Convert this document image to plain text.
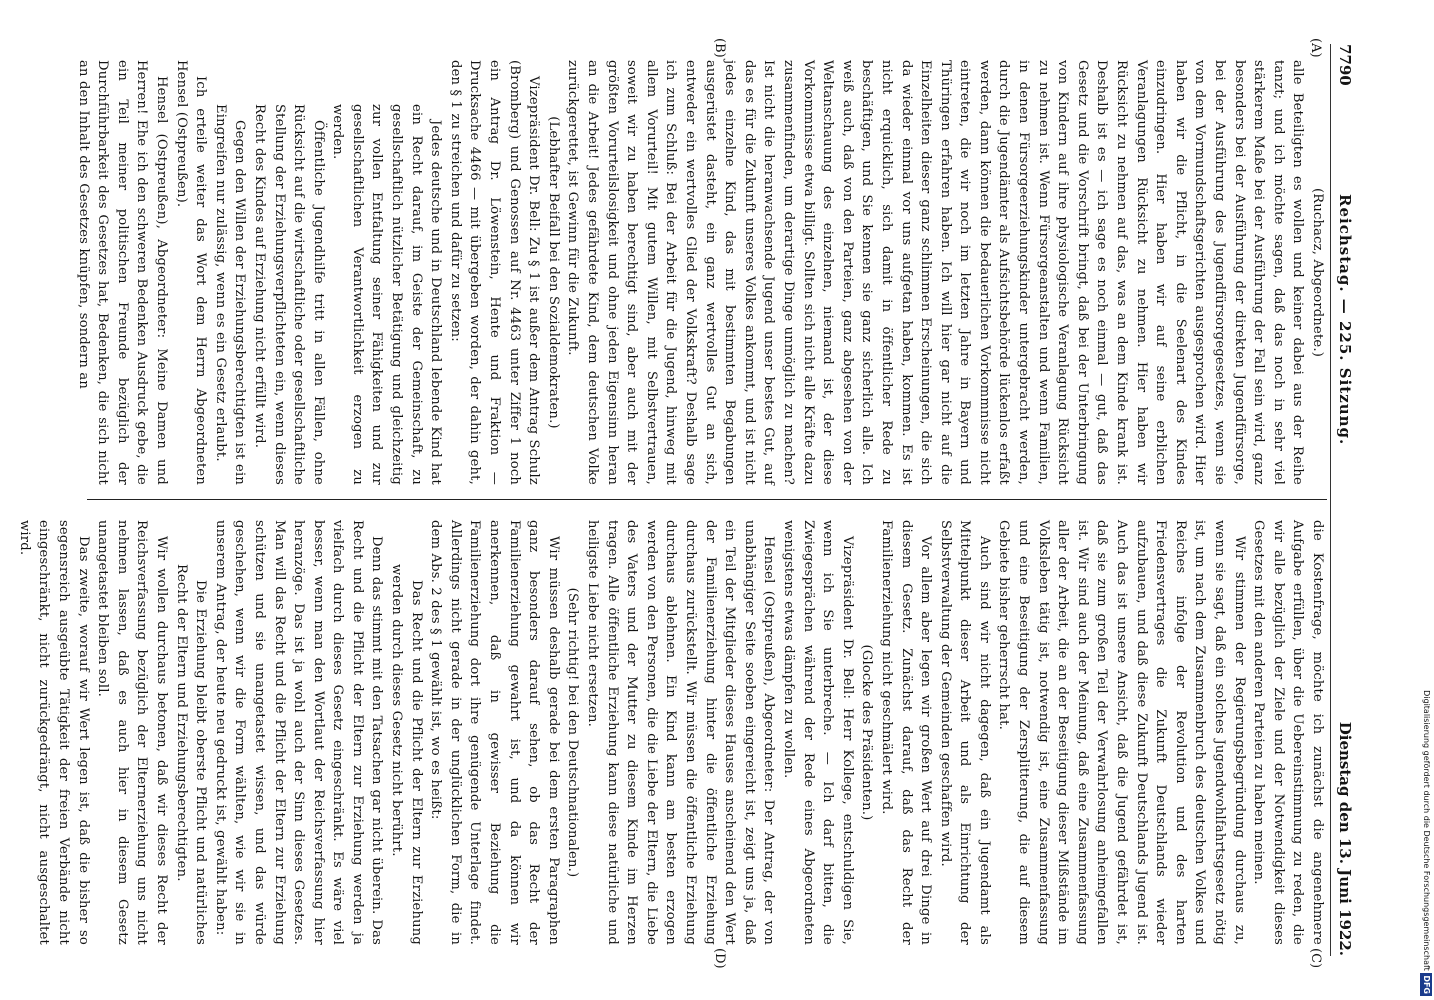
7790
Reichstag. — 225. Sitzung.
Dienstag den 13. Juni 1922.
(A)
(B)
(C)
(D)

(Ruchacz, Abgeordnete.)

alle Beteiligten es wollen und keiner dabei aus der Reihe tanzt; und ich möchte sagen, daß das noch in sehr viel stärkerem Maße bei der Ausführung der Fall sein wird, ganz besonders bei der Ausführung der direkten Jugendfürsorge, bei der Ausführung des Jugendfürsorgegesetzes, wenn sie von dem Vormundschaftsgerichten ausgesprochen wird. Hier haben wir die Pflicht, in die Seelenart des Kindes einzudringen. Hier haben wir auf seine erblichen Veranlagungen Rücksicht zu nehmen. Hier haben wir Rücksicht zu nehmen auf das, was an dem Kinde krank ist. Deshalb ist es — ich sage es noch einmal — gut, daß das Gesetz und die Vorschrift bringt, daß bei der Unterbringung von Kindern auf ihre physiologische Veranlagung Rücksicht zu nehmen ist. Wenn Fürsorgeanstalten und wenn Familien, in denen Fürsorgeerziehungskinder untergebracht werden, durch die Jugendämter als Aufsichtsbehörde lückenlos erfaßt werden, dann können die bedauerlichen Vorkommnisse nicht eintreten, die wir noch im letzten Jahre in Bayern und Thüringen erfahren haben. Ich will hier gar nicht auf die Einzelheiten dieser ganz schlimmen Erscheinungen, die sich da wieder einmal vor uns aufgetan haben, kommen. Es ist nicht erquicklich, sich damit in öffentlicher Rede zu beschäftigen, und Sie kennen sie ganz sicherlich alle. Ich weiß auch, daß von den Parteien, ganz abgesehen von der Weltanschauung des einzelnen, niemand ist, der diese Vorkommnisse etwa billigt. Sollten sich nicht alle Kräfte dazu zusammenfinden, um derartige Dinge unmöglich zu machen? Ist nicht die heranwachsende Jugend unser bestes Gut, auf das es für die Zukunft unseres Volkes ankommt, und ist nicht jedes einzelne Kind, das mit bestimmten Begabungen ausgerüstet dasteht, ein ganz wertvolles Gut an sich, entweder ein wertvolles Glied der Volkskraft? Deshalb sage ich zum Schluß: Bei der Arbeit für die Jugend, hinweg mit allem Vorurteil! Mit gutem Willen, mit Selbstvertrauen, soweit wir zu haben berechtigt sind, aber auch mit der größten Vorurteilslosigkeit und ohne jeden Eigensinn heran an die Arbeit! Jedes gefährdete Kind, dem deutschen Volke zurückgerettet, ist Gewinn für die Zukunft.

(Lebhafter Beifall bei den Sozialdemokraten.)

Vizepräsident Dr. Bell: Zu § 1 ist außer dem Antrag Schulz (Bromberg) und Genossen auf Nr. 4463 unter Ziffer 1 noch ein Antrag Dr. Löwenstein, Hente und Fraktion — Drucksache 4466 — mit übergeben worden, der dahin geht, den § 1 zu streichen und dafür zu setzen:

Jedes deutsche und in Deutschland lebende Kind hat ein Recht darauf, im Geiste der Gemeinschaft, zu gesellschaftlich nützlicher Betätigung und gleichzeitig zur vollen Entfaltung seiner Fähigkeiten und zur gesellschaftlichen Verantwortlichkeit erzogen zu werden.

Öffentliche Jugendhilfe tritt in allen Fällen, ohne Rücksicht auf die wirtschaftliche oder gesellschaftliche Stellung der Erziehungsverpflichteten ein, wenn dieses Recht des Kindes auf Erziehung nicht erfüllt wird.

Gegen den Willen der Erziehungsberechtigten ist ein Eingreifen nur zulässig, wenn es ein Gesetz erlaubt.

Ich erteile weiter das Wort dem Herrn Abgeordneten Hensel (Ostpreußen).

Hensel (Ostpreußen), Abgeordneter: Meine Damen und Herren! Ehe ich den schweren Bedenken Ausdruck gebe, die ein Teil meiner politischen Freunde bezüglich der Durchführbarkeit des Gesetzes hat, Bedenken, die sich nicht an den Inhalt des Gesetzes knüpfen, sondern an

die Kostenfrage, möchte ich zunächst die angenehmere Aufgabe erfüllen, über die Uebereinstimmung zu reden, die wir alle bezüglich der Ziele und der Notwendigkeit dieses Gesetzes mit den anderen Parteien zu haben meinen.

Wir stimmen der Regierungsbegründung durchaus zu, wenn sie sagt, daß ein solches Jugendwohlfahrtsgesetz nötig ist, um nach dem Zusammenbruch des deutschen Volkes und Reiches infolge der Revolution und des harten Friedensvertrages die Zukunft Deutschlands wieder aufzubauen, und daß diese Zukunft Deutschlands Jugend ist. Auch das ist unsere Ansicht, daß die Jugend gefährdet ist, daß sie zum großen Teil der Verwahrlosung anheimgefallen ist. Wir sind auch der Meinung, daß eine Zusammenfassung aller der Arbeit, die an der Beseitigung dieser Mißstände im Volksleben tätig ist, notwendig ist, eine Zusammenfassung und eine Beseitigung der Zersplitterung, die auf diesem Gebiete bisher geherrscht hat.

Auch sind wir nicht dagegen, daß ein Jugendamt als Mittelpunkt dieser Arbeit und als Einrichtung der Selbstverwaltung der Gemeinden geschaffen wird.

Vor allem aber legen wir großen Wert auf drei Dinge in diesem Gesetz. Zunächst darauf, daß das Recht der Familienerziehung nicht geschmälert wird.

(Glocke des Präsidenten.)

Vizepräsident Dr. Bell: Herr Kollege, entschuldigen Sie, wenn ich Sie unterbreche. — Ich darf bitten, die Zwiegesprächen während der Rede eines Abgeordneten wenigstens etwas dämpfen zu wollen.

Hensel (Ostpreußen), Abgeordneter: Der Antrag, der von unabhängiger Seite soeben eingereicht ist, zeigt uns ja, daß ein Teil der Mitglieder dieses Hauses anscheinend den Wert der Familienerziehung hinter die öffentliche Erziehung durchaus zurückstellt. Wir müssen die öffentliche Erziehung durchaus ablehnen. Ein Kind kann am besten erzogen werden von den Personen, die die Liebe der Eltern, die Liebe des Vaters und der Mutter zu diesem Kinde im Herzen tragen. Alle öffentliche Erziehung kann diese natürliche und heiligste Liebe nicht ersetzen.

(Sehr richtig! bei den Deutschnationalen.)

Wir müssen deshalb gerade bei dem ersten Paragraphen ganz besonders darauf sehen, ob das Recht der Familienerziehung gewahrt ist, und da können wir anerkennen, daß in gewisser Beziehung die Familienerziehung dort ihre genügende Unterlage findet. Allerdings nicht gerade in der unglücklichen Form, die in dem Abs. 2 des § 1 gewählt ist, wo es heißt:

Das Recht und die Pflicht der Eltern zur Erziehung werden durch dieses Gesetz nicht berührt.

Denn das stimmt mit den Tatsachen gar nicht überein. Das Recht und die Pflicht der Eltern zur Erziehung werden ja vielfach durch dieses Gesetz eingeschränkt. Es wäre viel besser, wenn man den Wortlaut der Reichsverfassung hier heranzöge. Das ist ja wohl auch der Sinn dieses Gesetzes. Man will das Recht und die Pflicht der Eltern zur Erziehung schützen und sie unangetastet wissen, und das würde geschehen, wenn wir die Form wählten, wie wir sie in unserem Antrag, der heute neu gedruckt ist, gewählt haben:

Die Erziehung bleibt oberste Pflicht und natürliches Recht der Eltern und Erziehungsberechtigten.

Wir wollen durchaus betonen, daß wir dieses Recht der Reichsverfassung bezüglich der Elternerziehung uns nicht nehmen lassen, daß es auch hier in diesem Gesetz unangetastet bleiben soll.

Das zweite, worauf wir Wert legen ist, daß die bisher so segensreich ausgeübte Tätigkeit der freien Verbände nicht eingeschränkt, nicht zurückgedrängt, nicht ausgeschaltet wird.

Digitalisierung gefördert durch die Deutsche Forschungsgemeinschaft DFG
